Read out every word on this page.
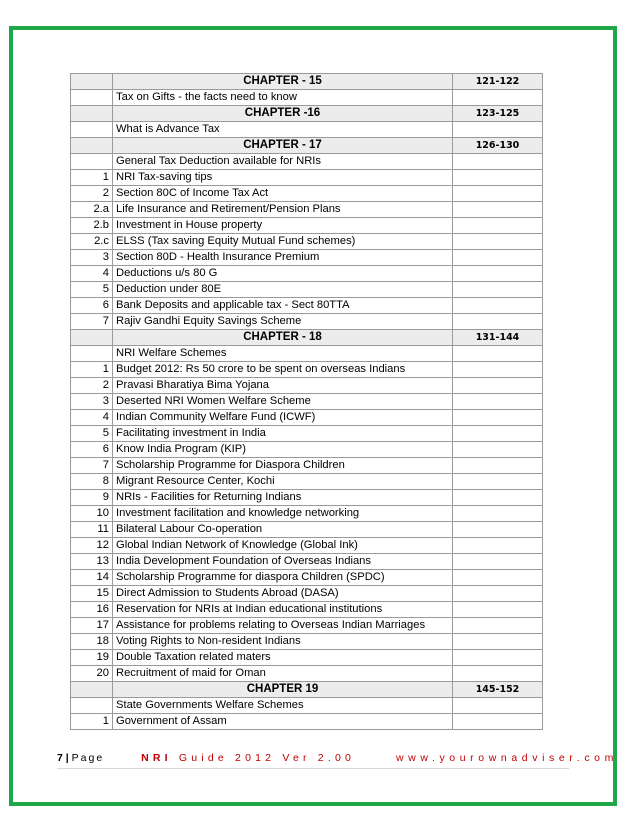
	CHAPTER - 15	121-122
	Tax on Gifts - the facts need to know	
	CHAPTER -16	123-125
	What is Advance Tax	
	CHAPTER - 17	126-130
	General Tax Deduction available for NRIs	
1	NRI Tax-saving tips	
2	Section 80C of Income Tax Act	
2.a	Life Insurance and Retirement/Pension Plans	
2.b	Investment in House property	
2.c	ELSS (Tax saving Equity Mutual Fund schemes)	
3	Section 80D - Health Insurance Premium	
4	Deductions u/s 80 G	
5	Deduction under 80E	
6	Bank Deposits and applicable tax - Sect 80TTA	
7	Rajiv Gandhi Equity Savings Scheme	
	CHAPTER - 18	131-144
	NRI Welfare Schemes	
1	Budget 2012: Rs 50 crore to be spent on overseas Indians	
2	Pravasi Bharatiya Bima Yojana	
3	Deserted NRI Women Welfare Scheme	
4	Indian Community Welfare Fund (ICWF)	
5	Facilitating investment in India	
6	Know India Program (KIP)	
7	Scholarship Programme for Diaspora Children	
8	Migrant Resource Center, Kochi	
9	NRIs - Facilities for Returning Indians	
10	Investment facilitation and knowledge networking	
11	Bilateral Labour Co-operation	
12	Global Indian Network of Knowledge (Global Ink)	
13	India Development Foundation of Overseas Indians	
14	Scholarship Programme for diaspora Children (SPDC)	
15	Direct Admission to Students Abroad (DASA)	
16	Reservation for NRIs at Indian educational institutions	
17	Assistance for problems relating to Overseas Indian Marriages	
18	Voting Rights to Non-resident Indians	
19	Double Taxation related maters	
20	Recruitment of maid for Oman	
	CHAPTER 19	145-152
	State Governments Welfare Schemes	
1	Government of Assam	
7 | Page	NRI Guide 2012 Ver 2.00	www.yourownadviser.com
